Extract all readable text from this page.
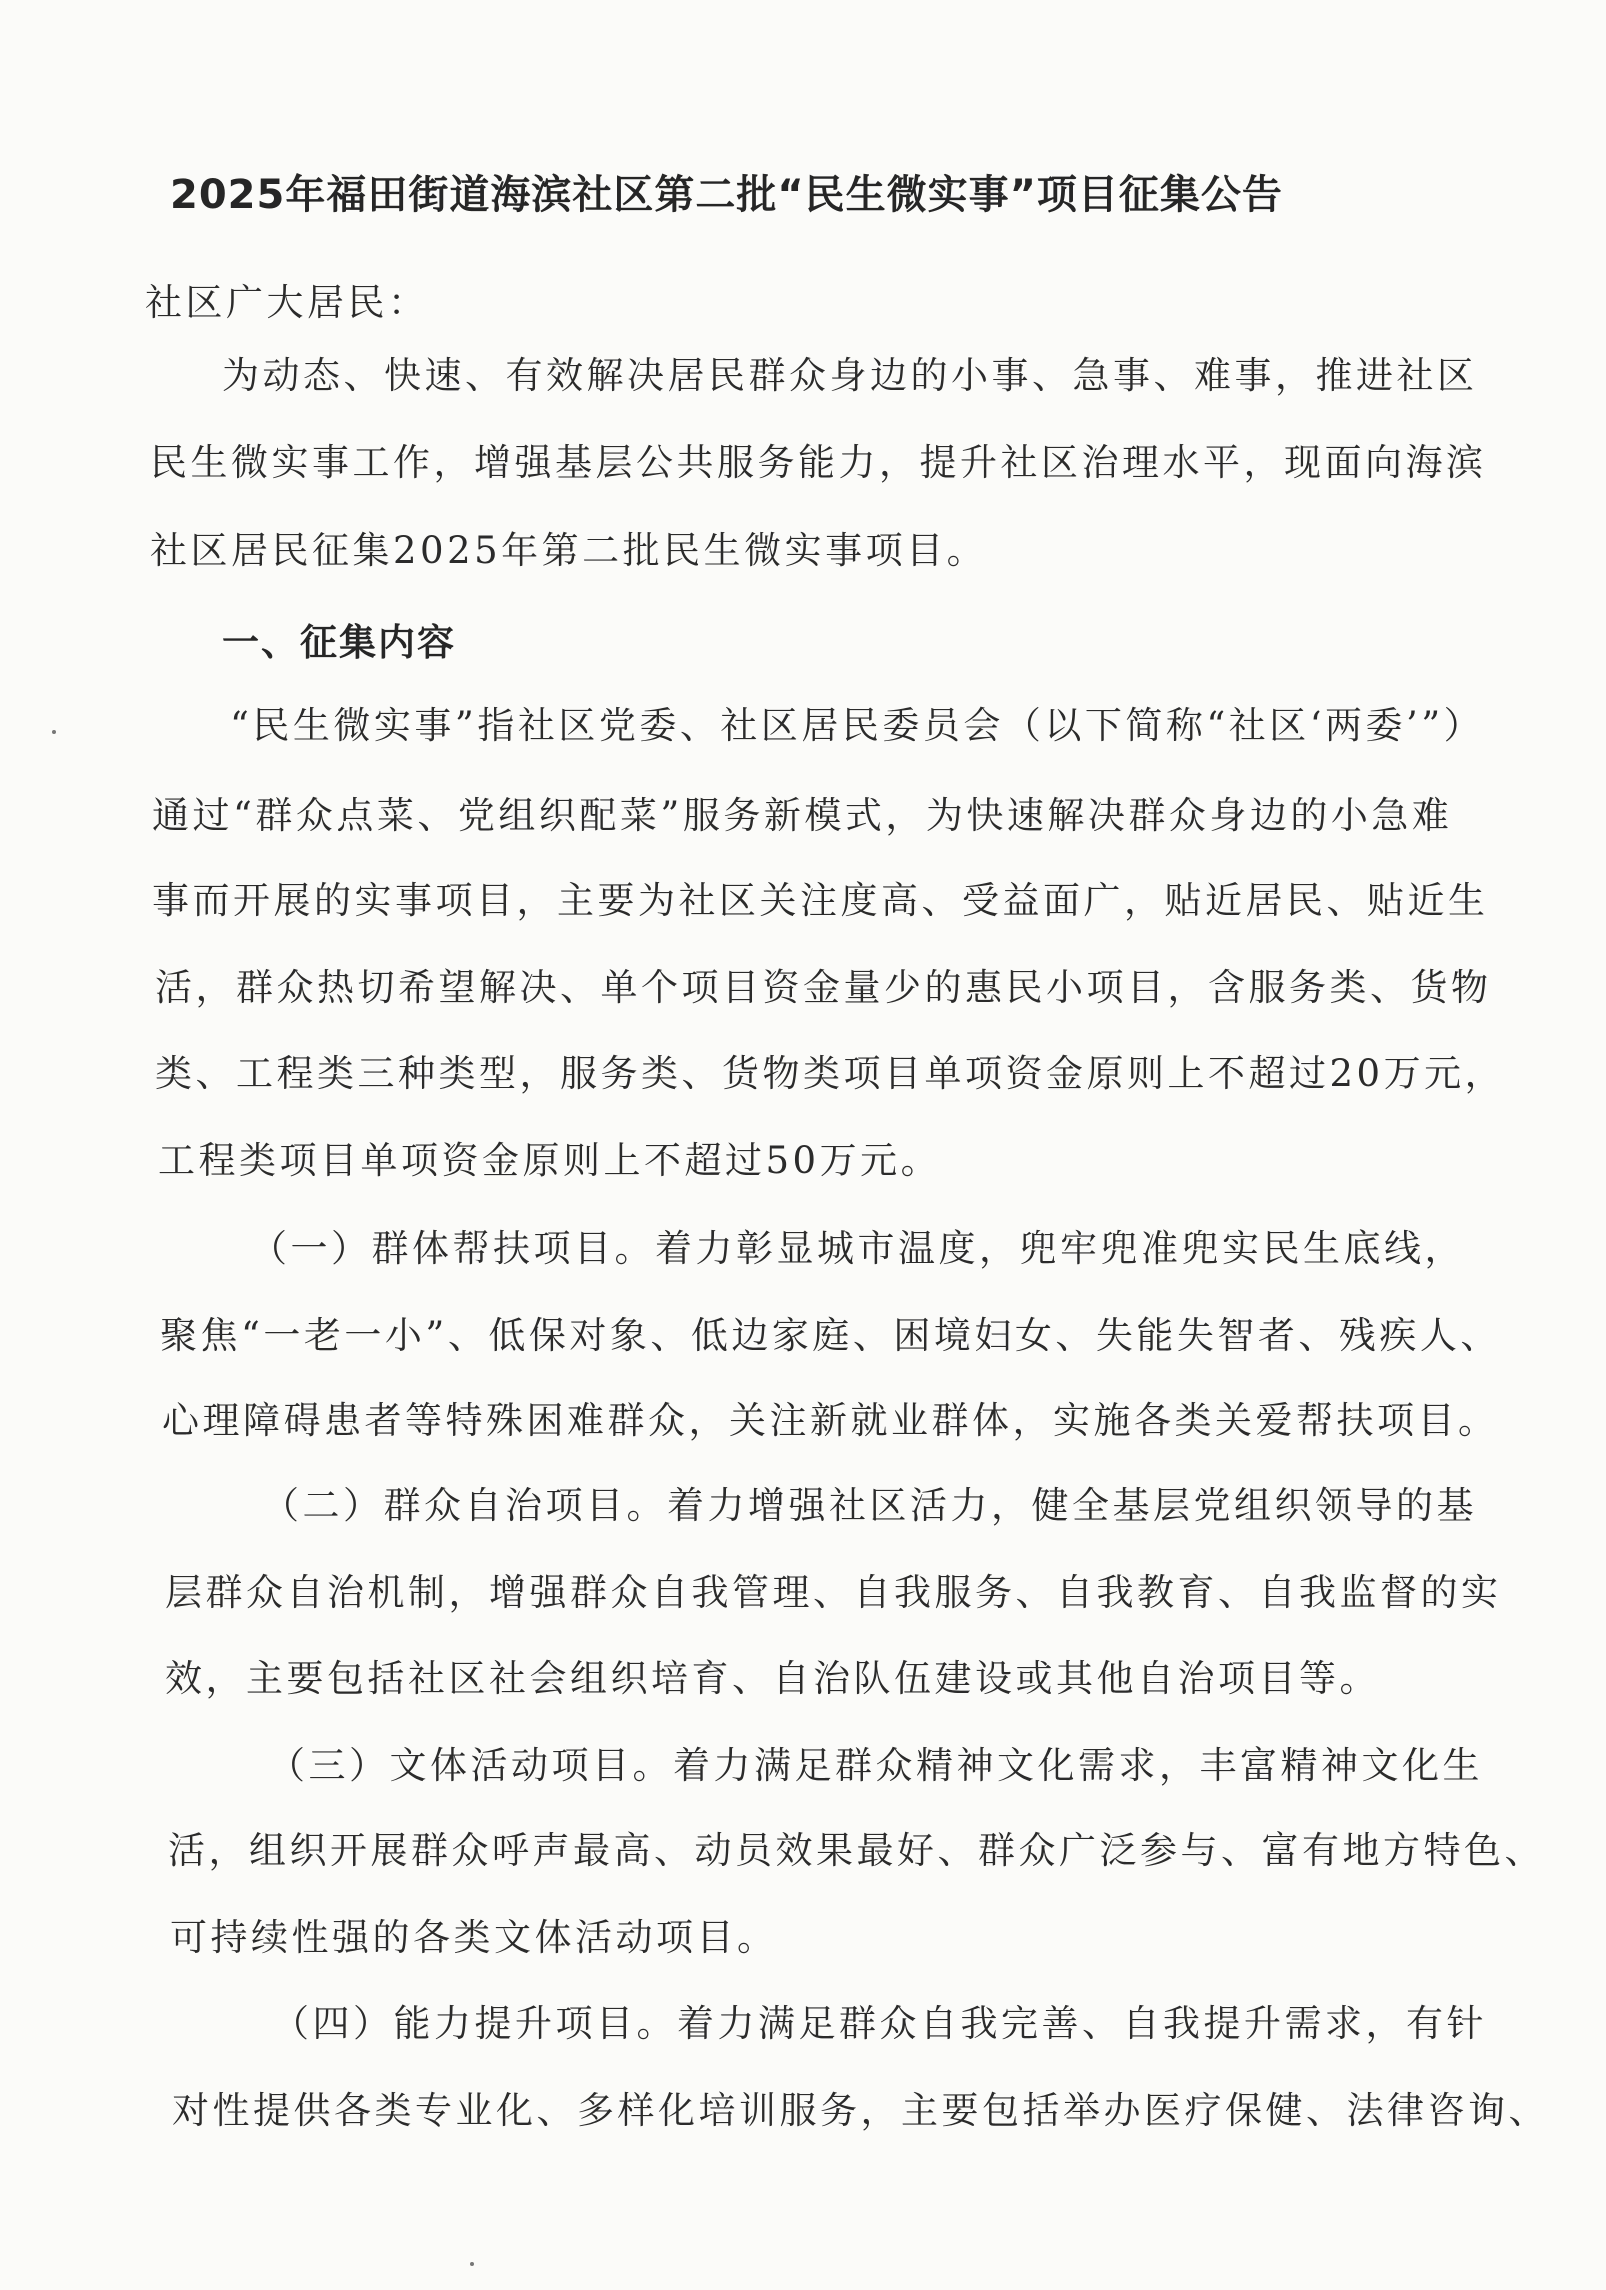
2025年福田街道海滨社区第二批“民生微实事”项目征集公告
社区广大居民：
为动态、快速、有效解决居民群众身边的小事、急事、难事，推进社区
民生微实事工作，增强基层公共服务能力，提升社区治理水平，现面向海滨
社区居民征集2025年第二批民生微实事项目。
一、征集内容
“民生微实事”指社区党委、社区居民委员会（以下简称“社区‘两委’”）
通过“群众点菜、党组织配菜”服务新模式，为快速解决群众身边的小急难
事而开展的实事项目，主要为社区关注度高、受益面广，贴近居民、贴近生
活，群众热切希望解决、单个项目资金量少的惠民小项目，含服务类、货物
类、工程类三种类型，服务类、货物类项目单项资金原则上不超过20万元，
工程类项目单项资金原则上不超过50万元。
（一）群体帮扶项目。着力彰显城市温度，兜牢兜准兜实民生底线，
聚焦“一老一小”、低保对象、低边家庭、困境妇女、失能失智者、残疾人、
心理障碍患者等特殊困难群众，关注新就业群体，实施各类关爱帮扶项目。
（二）群众自治项目。着力增强社区活力，健全基层党组织领导的基
层群众自治机制，增强群众自我管理、自我服务、自我教育、自我监督的实
效，主要包括社区社会组织培育、自治队伍建设或其他自治项目等。
（三）文体活动项目。着力满足群众精神文化需求，丰富精神文化生
活，组织开展群众呼声最高、动员效果最好、群众广泛参与、富有地方特色、
可持续性强的各类文体活动项目。
（四）能力提升项目。着力满足群众自我完善、自我提升需求，有针
对性提供各类专业化、多样化培训服务，主要包括举办医疗保健、法律咨询、
